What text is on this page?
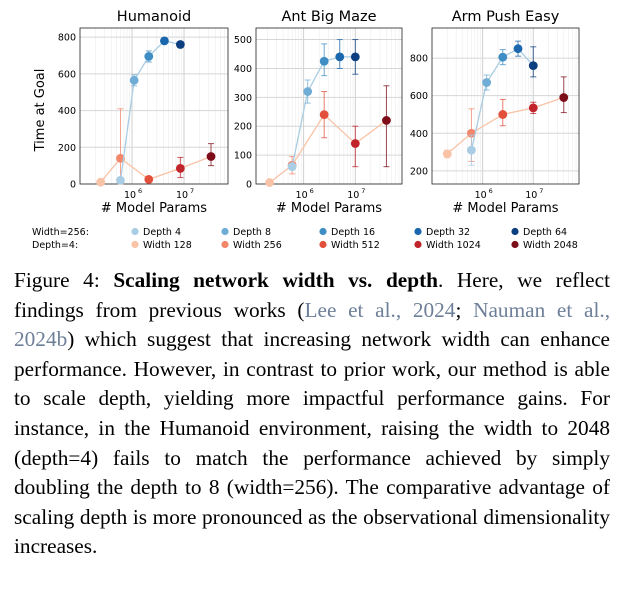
Time at Goal
Width=256:
Depth=4:
Depth 4	Depth 8	Depth 16	Depth 32	Depth 64
Width 128	Width 256	Width 512	Width 1024	Width 2048
0
200
400
600
800
Humanoid
10 6	10 7
# Model Params
0
100
200
300
400
500
Ant Big Maze
10 6	10 7
# Model Params
200
400
600
800
Arm Push Easy
10 6	10 7
# Model Params
Figure 4: Scaling network width vs. depth. Here, we reflect findings from previous works (Lee et al., 2024; Nauman et al., 2024b) which suggest that increasing network width can enhance performance. However, in contrast to prior work, our method is able to scale depth, yielding more impactful performance gains. For instance, in the Humanoid environment, raising the width to 2048 (depth=4) fails to match the performance achieved by simply doubling the depth to 8 (width=256). The comparative advantage of scaling depth is more pronounced as the observational dimensionality increases.
